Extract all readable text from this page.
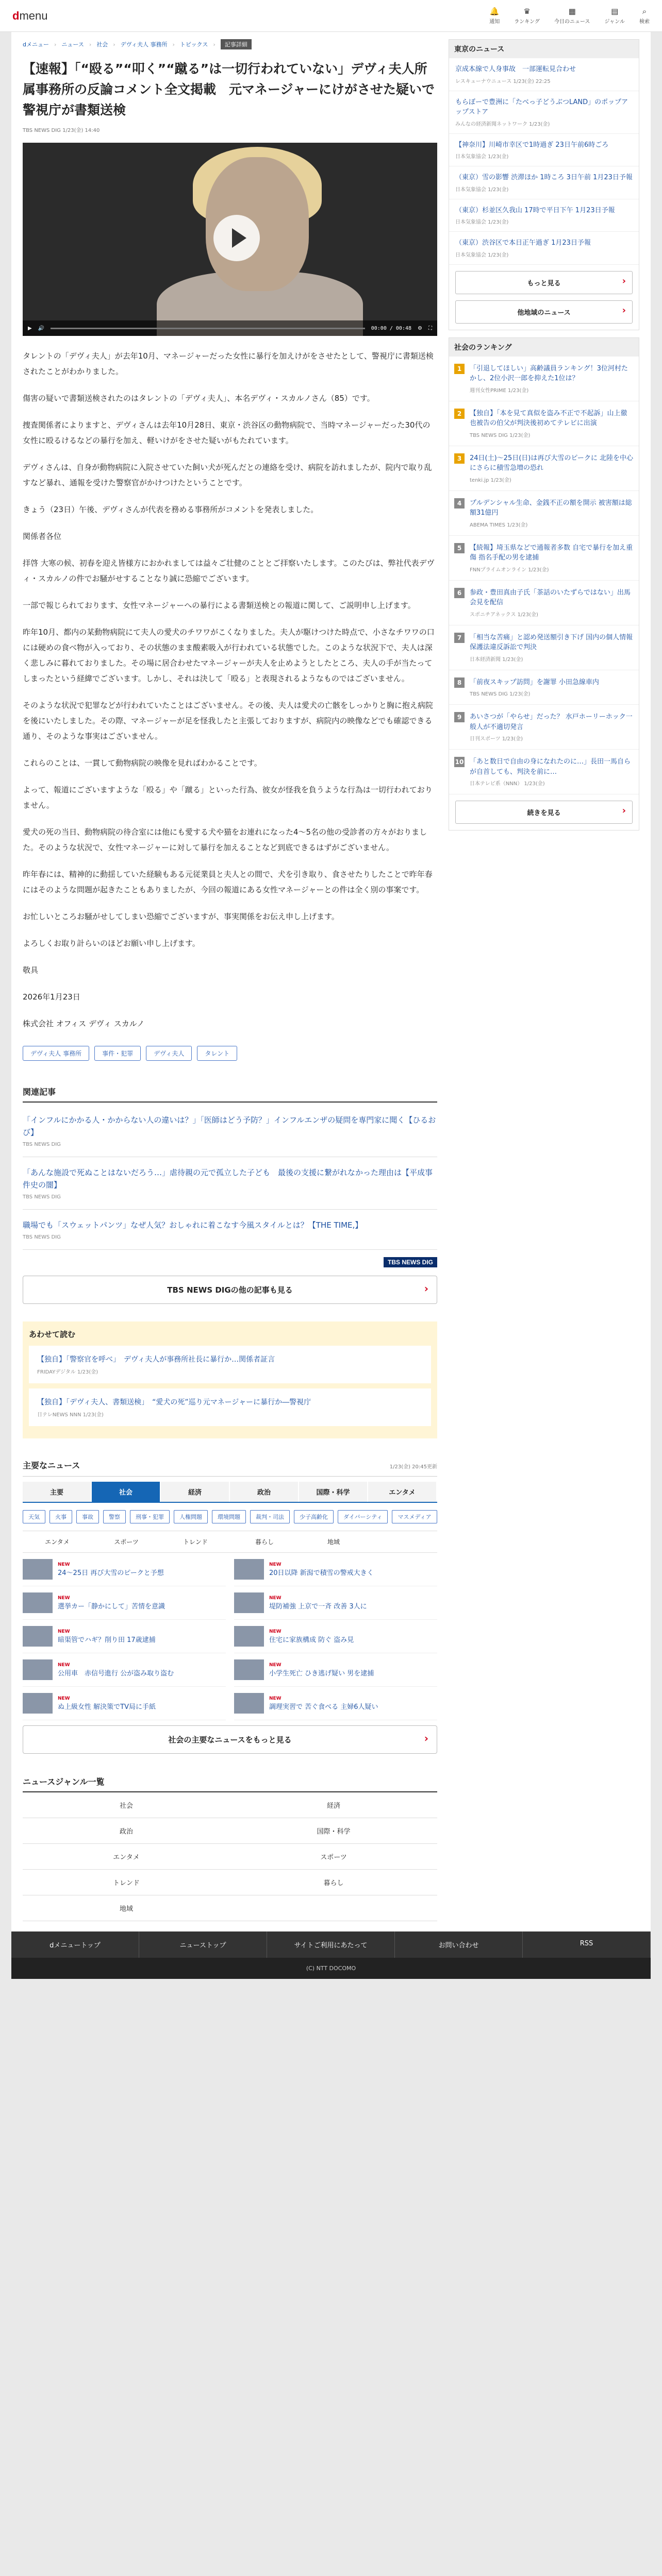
dmenu	🔔
通知
♛
ランキング
▦
今日のニュース
▤
ジャンル
⌕
検索
dメニュー › ニュース › 社会 › デヴィ夫人 事務所 › トピックス ›	記事詳細
【速報】「“殴る”“叩く”“蹴る”は一切行われていない」デヴィ夫人所属事務所の反論コメント全文掲載　元マネージャーにけがさせた疑いで警視庁が書類送検
TBS NEWS DIG 1/23(金) 14:40
▶ 🔊	00:00 / 00:48 ⚙ ⛶

タレントの「デヴィ夫人」が去年10月、マネージャーだった女性に暴行を加えけがをさせたとして、警視庁に書類送検されたことがわかりました。

傷害の疑いで書類送検されたのはタレントの「デヴィ夫人」、本名デヴィ・スカルノさん（85）です。

捜査関係者によりますと、デヴィさんは去年10月28日、東京・渋谷区の動物病院で、当時マネージャーだった30代の女性に殴るけるなどの暴行を加え、軽いけがをさせた疑いがもたれています。

デヴィさんは、自身が動物病院に入院させていた飼い犬が死んだとの連絡を受け、病院を訪れましたが、院内で取り乱すなど暴れ、通報を受けた警察官がかけつけたということです。

きょう（23日）午後、デヴィさんが代表を務める事務所がコメントを発表しました。

関係者各位

拝啓 大寒の候、初春を迎え皆様方におかれましては益々ご壮健のこととご拝察いたします。このたびは、弊社代表デヴィ・スカルノの件でお騒がせすることなり誠に恐縮でございます。

一部で報じられております、女性マネージャーへの暴行による書類送検との報道に関して、ご説明申し上げます。

昨年10月、都内の某動物病院にて夫人の愛犬のチワワがこくなりました。夫人が駆けつけた時点で、小さなチワワの口には硬めの食べ物が入っており、その状態のまま酸素吸入が行われている状態でした。このような状況下で、夫人は深く悲しみに暮れておりました。その場に居合わせたマネージャーが夫人を止めようとしたところ、夫人の手が当たってしまったという経緯でございます。しかし、それは決して「殴る」と表現されるようなものではございません。

そのような状況で犯罪などが行われていたことはございません。その後、夫人は愛犬の亡骸をしっかりと胸に抱え病院を後にいたしました。その際、マネージャーが足を怪我したと主張しておりますが、病院内の映像などでも確認できる通り、そのような事実はございません。

これらのことは、一貫して動物病院の映像を見ればわかることです。

よって、報道にございますような「殴る」や「蹴る」といった行為、彼女が怪我を負うような行為は一切行われておりません。

愛犬の死の当日、動物病院の待合室には他にも愛する犬や猫をお連れになった4～5名の他の受診者の方々がおりました。そのような状況で、女性マネージャーに対して暴行を加えることなど到底できるはずがございません。

昨年春には、精神的に動揺していた経験もある元従業員と夫人との間で、犬を引き取り、食させたりしたことで昨年春にはそのような問題が起きたこともありましたが、今回の報道にある女性マネージャーとの件は全く別の事案です。

お忙しいところお騒がせしてしまい恐縮でございますが、事実関係をお伝え申し上げます。

よろしくお取り計らいのほどお願い申し上げます。

敬具

2026年1月23日

株式会社 オフィス デヴィ スカルノ

デヴィ夫人 事務所	事件・犯罪	デヴィ夫人	タレント
関連記事
「インフルにかかる人・かからない人の違いは？」「医師はどう予防？」インフルエンザの疑問を専門家に聞く【ひるおび】
TBS NEWS DIG
「あんな施設で死ぬことはないだろう…」虐待親の元で孤立した子ども　最後の支援に繋がれなかった理由は【平成事件史の闇】
TBS NEWS DIG
職場でも「スウェットパンツ」なぜ人気？おしゃれに着こなす今風スタイルとは？【THE TIME,】
TBS NEWS DIG
TBS NEWS DIG
TBS NEWS DIGの他の記事も見る ›
あわせて読む
【独自】「警察官を呼べ」　デヴィ夫人が事務所社長に暴行か…関係者証言
FRIDAYデジタル 1/23(金)
【独自】「デヴィ夫人、書類送検」　“愛犬の死”巡り元マネージャーに暴行か―警視庁
日テレNEWS NNN 1/23(金)
主要なニュース	1/23(金) 20:45更新
主要	社会	経済	政治	国際・科学	エンタメ
天気	火事	事故	警察	刑事・犯罪	人権問題	環境問題	裁判・司法	少子高齢化	ダイバーシティ	マスメディア
エンタメ	スポーツ	トレンド	暮らし	地域
NEW
24～25日 再び大雪のピークと予想
NEW
20日以降 新潟で積雪の警戒大きく
NEW
選挙カー「静かにして」苦情を意識
NEW
堤防補強 上京で一斉 改善 3人に
NEW
暗渠管でハギ？削り田 17歳逮捕
NEW
住宅に家族構成 防ぐ 盗み見
NEW
公用車　赤信号進行 公が盗み取り盗む
NEW
小学生死亡 ひき逃げ疑い 男を逮捕
NEW
ぬ上級女性 解決策でTV局に手紙
NEW
調理実習で 苦ぐ食べる 主婦6人疑い
社会の主要なニュースをもっと見る ›
ニュースジャンル一覧
社会	経済
政治	国際・科学
エンタメ	スポーツ
トレンド	暮らし
地域
東京のニュース
京成本線で人身事故　一部運転見合わせ
レスキューナウニュース 1/23(金) 22:25
もらぼーで豊洲に「たべっ子どうぶつLAND」のポップアップストア
みんなの経済新聞ネットワーク 1/23(金)
【神奈川】川崎市幸区で1時過ぎ 23日午前6時ごろ
日本気象協会 1/23(金)
（東京）雪の影響 渋滞ほか 1時ころ 3日午前 1月23日予報
日本気象協会 1/23(金)
（東京）杉並区久我山 17時で平日下午 1月23日予報
日本気象協会 1/23(金)
（東京）渋谷区で本日正午過ぎ 1月23日予報
日本気象協会 1/23(金)
もっと見る ›
他地域のニュース ›
社会のランキング
1	「引退してほしい」高齢議員ランキング！3位河村たかし、2位小沢一郎を抑えた1位は？
週刊女性PRIME 1/23(金)
2	【独自】「本を見て真似を盗み不正で不起訴」山上徹也被告の伯父が判決後初めてテレビに出演
TBS NEWS DIG 1/23(金)
3	24日(土)～25日(日)は再び大雪のピークに 北陸を中心にさらに積雪急増の恐れ
tenki.jp 1/23(金)
4	プルデンシャル生命、金銭不正の額を開示 被害額は総額31億円
ABEMA TIMES 1/23(金)
5	【続報】埼玉県などで通報者多数 自宅で暴行を加え重傷 指名手配の男を逮捕
FNNプライムオンライン 1/23(金)
6	参政・豊田真由子氏「茶話のいたずらではない」出馬会見を配信
スポニチアネックス 1/23(金)
7	「相当な苦痛」と認め発送額引き下げ 国内の個人情報保護法違反訴訟で判決
日本経済新聞 1/23(金)
8	「前夜スキップ訪問」を謝罪 小田急線車内
TBS NEWS DIG 1/23(金)
9	あいさつが「やらせ」だった？ 水戸ホーリーホック一般人が不適切発言
日刊スポーツ 1/23(金)
10 「あと数日で自由の身になれたのに…」長田一馬自らが自首しても、判決を前に…
日本テレビ系（NNN） 1/23(金)
続きを見る ›
dメニュートップ	ニューストップ	サイトご利用にあたって	お問い合わせ	RSS
(C) NTT DOCOMO
